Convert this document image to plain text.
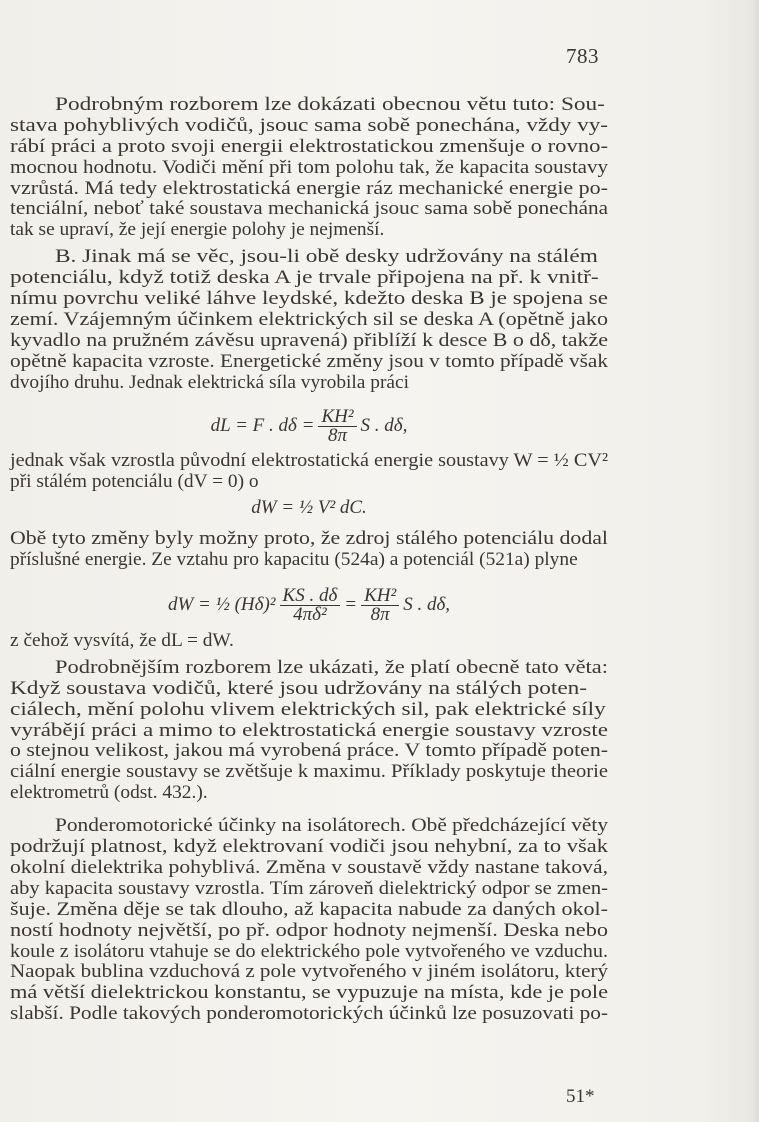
783
Podrobným rozborem lze dokázati obecnou větu tuto: Sou-
stava pohyblivých vodičů, jsouc sama sobě ponechána, vždy vy-
rábí práci a proto svoji energii elektrostatickou zmenšuje o rovno-
mocnou hodnotu. Vodiči mění při tom polohu tak, že kapacita soustavy
vzrůstá. Má tedy elektrostatická energie ráz mechanické energie po-
tenciální, neboť také soustava mechanická jsouc sama sobě ponechána
tak se upraví, že její energie polohy je nejmenší.
B. Jinak má se věc, jsou-li obě desky udržovány na stálém
potenciálu, když totiž deska A je trvale připojena na př. k vnitř-
nímu povrchu veliké láhve leydské, kdežto deska B je spojena se
zemí. Vzájemným účinkem elektrických sil se deska A (opětně jako
kyvadlo na pružném závěsu upravená) přiblíží k desce B o dδ, takže
opětně kapacita vzroste. Energetické změny jsou v tomto případě však
dvojího druhu. Jednak elektrická síla vyrobila práci
dL = F . $d\delta = \frac{\text{KH²}}{8\pi}$ S . dδ,
jednak však vzrostla původní elektrostatická energie soustavy W = ½ CV²
při stálém potenciálu (dV = 0) o
dW = ½ V² dC.
Obě tyto změny byly možny proto, že zdroj stálého potenciálu dodal
příslušné energie. Ze vztahu pro kapacitu (524a) a potenciál (521a) plyne
dW = ½ $(H\delta)^2 \frac{KS . d\delta}{\text{4πδ²}} = \frac{\text{KH²}}{8\pi}$ S . dδ,
z čehož vysvítá, že dL = dW.
Podrobnějším rozborem lze ukázati, že platí obecně tato věta:
Když soustava vodičů, které jsou udržovány na stálých poten-
ciálech, mění polohu vlivem elektrických sil, pak elektrické síly
vyrábějí práci a mimo to elektrostatická energie soustavy vzroste
o stejnou velikost, jakou má vyrobená práce. V tomto případě poten-
ciální energie soustavy se zvětšuje k maximu. Příklady poskytuje theorie
elektrometrů (odst. 432.).
Ponderomotorické účinky na isolátorech. Obě předcházející věty
podržují platnost, když elektrovaní vodiči jsou nehybní, za to však
okolní dielektrika pohyblivá. Změna v soustavě vždy nastane taková,
aby kapacita soustavy vzrostla. Tím zároveň dielektrický odpor se zmen-
šuje. Změna děje se tak dlouho, až kapacita nabude za daných okol-
ností hodnoty největší, po př. odpor hodnoty nejmenší. Deska nebo
koule z isolátoru vtahuje se do elektrického pole vytvořeného ve vzduchu.
Naopak bublina vzduchová z pole vytvořeného v jiném isolátoru, který
má větší dielektrickou konstantu, se vypuzuje na místa, kde je pole
slabší. Podle takových ponderomotorických účinků lze posuzovati po-
51*
